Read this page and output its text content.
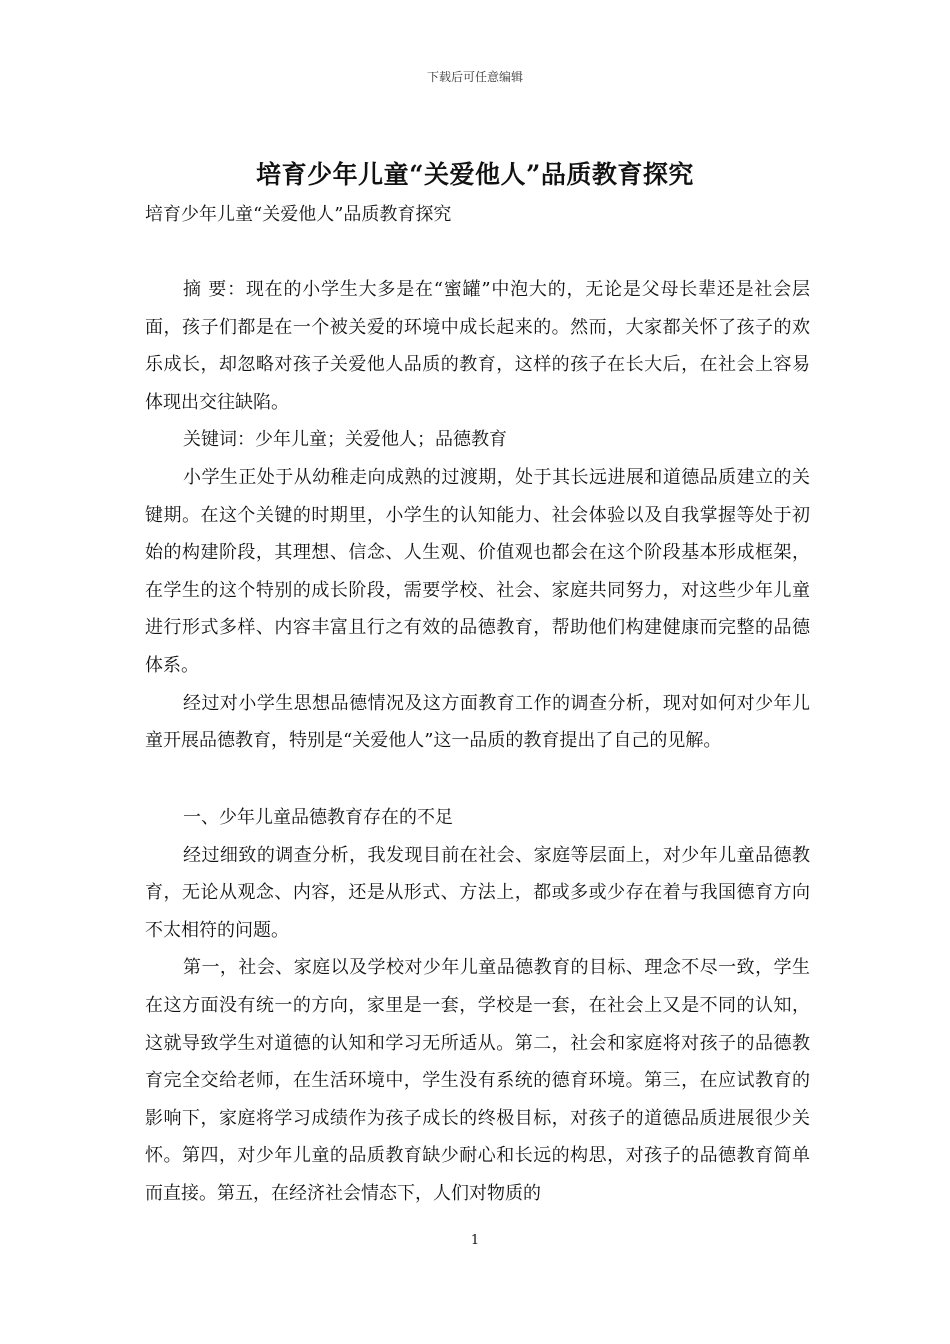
下载后可任意编辑
培育少年儿童“关爱他人”品质教育探究
培育少年儿童“关爱他人”品质教育探究

摘 要：现在的小学生大多是在“蜜罐”中泡大的，无论是父母长辈还是社会层面，孩子们都是在一个被关爱的环境中成长起来的。然而，大家都关怀了孩子的欢乐成长，却忽略对孩子关爱他人品质的教育，这样的孩子在长大后，在社会上容易体现出交往缺陷。

关键词：少年儿童；关爱他人；品德教育

小学生正处于从幼稚走向成熟的过渡期，处于其长远进展和道德品质建立的关键期。在这个关键的时期里，小学生的认知能力、社会体验以及自我掌握等处于初始的构建阶段，其理想、信念、人生观、价值观也都会在这个阶段基本形成框架，在学生的这个特别的成长阶段，需要学校、社会、家庭共同努力，对这些少年儿童进行形式多样、内容丰富且行之有效的品德教育，帮助他们构建健康而完整的品德体系。

经过对小学生思想品德情况及这方面教育工作的调查分析，现对如何对少年儿童开展品德教育，特别是“关爱他人”这一品质的教育提出了自己的见解。

一、少年儿童品德教育存在的不足

经过细致的调查分析，我发现目前在社会、家庭等层面上，对少年儿童品德教育，无论从观念、内容，还是从形式、方法上，都或多或少存在着与我国德育方向不太相符的问题。

第一，社会、家庭以及学校对少年儿童品德教育的目标、理念不尽一致，学生在这方面没有统一的方向，家里是一套，学校是一套，在社会上又是不同的认知，这就导致学生对道德的认知和学习无所适从。第二，社会和家庭将对孩子的品德教育完全交给老师，在生活环境中，学生没有系统的德育环境。第三，在应试教育的影响下，家庭将学习成绩作为孩子成长的终极目标，对孩子的道德品质进展很少关怀。第四，对少年儿童的品质教育缺少耐心和长远的构思，对孩子的品德教育简单而直接。第五，在经济社会情态下，人们对物质的

1
